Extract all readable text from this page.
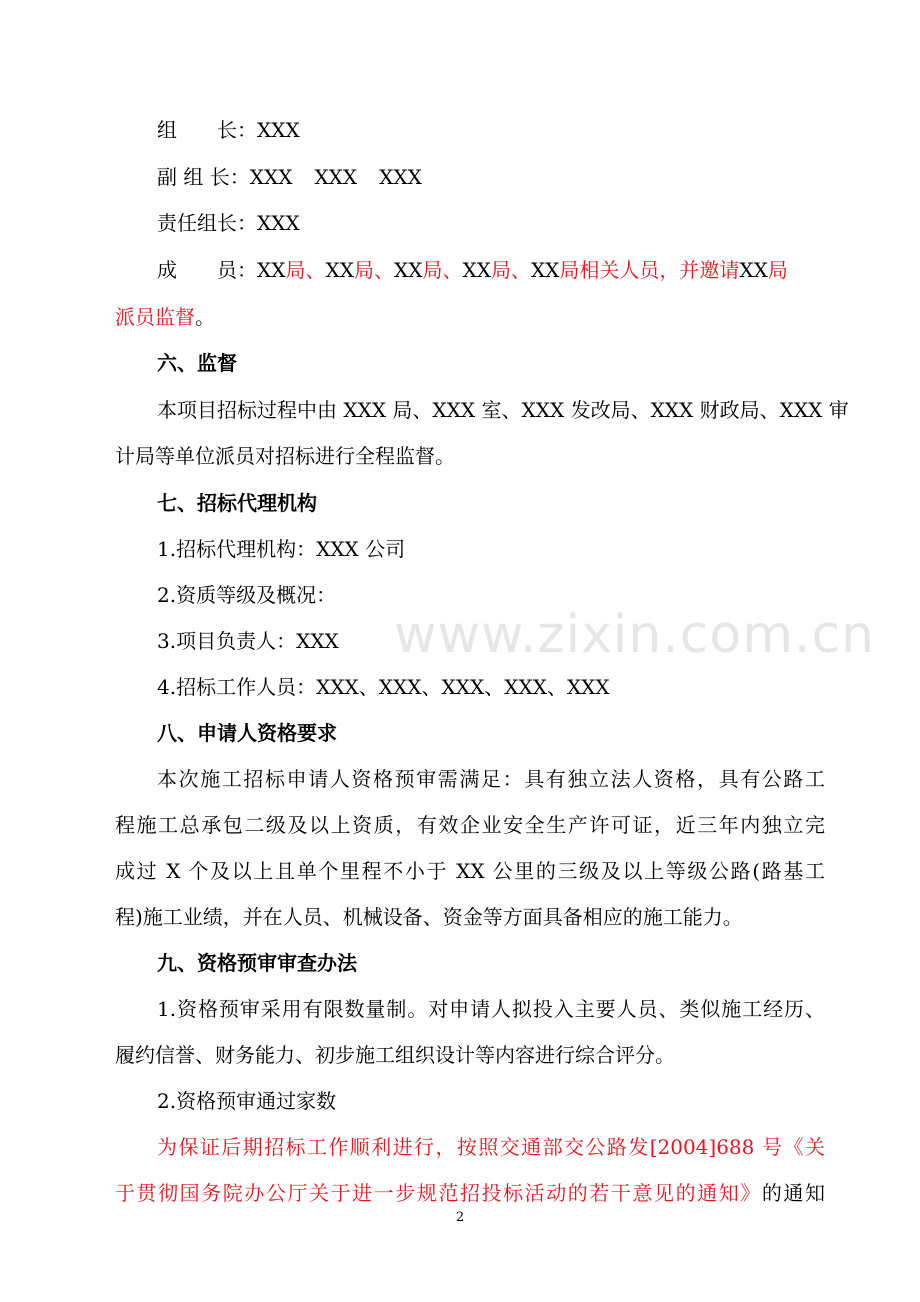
组 长：XXX
副 组 长：XXX XXX XXX
责任组长：XXX
成 员：XX局、XX局、XX局、XX局、XX局相关人员，并邀请XX局
派员监督。
六、监督
本项目招标过程中由 XXX 局、XXX 室、XXX 发改局、XXX 财政局、XXX 审
计局等单位派员对招标进行全程监督。
七、招标代理机构
1.招标代理机构：XXX 公司
2.资质等级及概况：
3.项目负责人：XXX
4.招标工作人员：XXX、XXX、XXX、XXX、XXX
八、申请人资格要求
本次施工招标申请人资格预审需满足：具有独立法人资格，具有公路工
程施工总承包二级及以上资质，有效企业安全生产许可证，近三年内独立完
成过 X 个及以上且单个里程不小于 XX 公里的三级及以上等级公路(路基工
程)施工业绩，并在人员、机械设备、资金等方面具备相应的施工能力。
九、资格预审审查办法
1.资格预审采用有限数量制。对申请人拟投入主要人员、类似施工经历、
履约信誉、财务能力、初步施工组织设计等内容进行综合评分。
2.资格预审通过家数
为保证后期招标工作顺利进行，按照交通部交公路发[2004]688 号《关
于贯彻国务院办公厅关于进一步规范招投标活动的若干意见的通知》的通知
www.zixin.com.cn
2
